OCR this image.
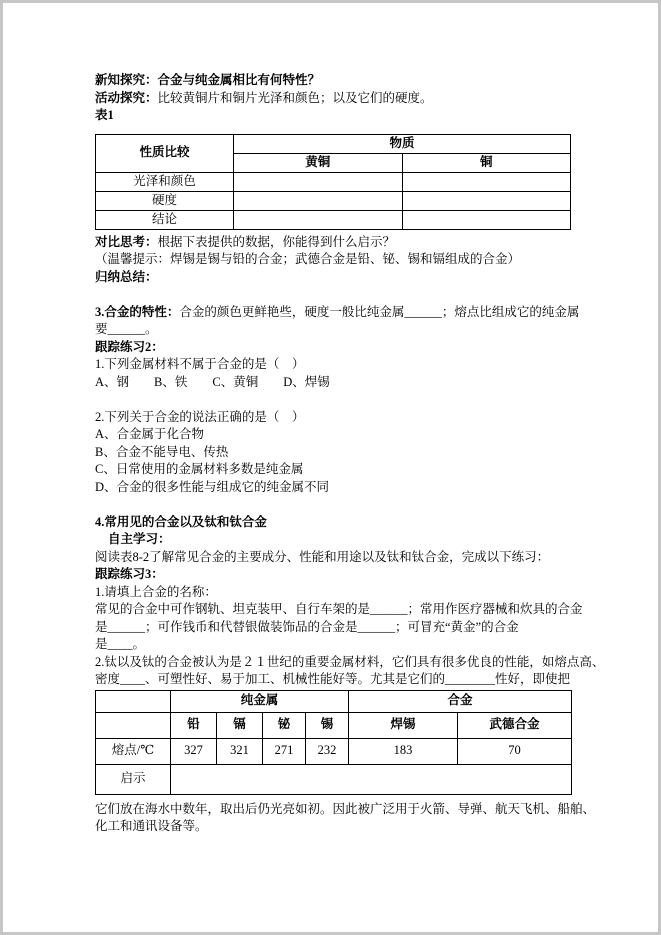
新知探究：合金与纯金属相比有何特性？
活动探究：比较黄铜片和铜片光泽和颜色；以及它们的硬度。
表1
性质比较	物质	
	黄铜	铜
光泽和颜色		
硬度		
结论		
对比思考：根据下表提供的数据，你能得到什么启示？
（温馨提示：焊锡是锡与铅的合金；武德合金是铅、铋、锡和镉组成的合金）
归纳总结：
3.合金的特性：合金的颜色更鲜艳些，硬度一般比纯金属______；熔点比组成它的纯金属
要______。
跟踪练习2：
1.下列金属材料不属于合金的是（　）
A、钢　　B、铁　　C、黄铜　　D、焊锡
2.下列关于合金的说法正确的是（　）
A、合金属于化合物
B、合金不能导电、传热
C、日常使用的金属材料多数是纯金属
D、合金的很多性能与组成它的纯金属不同
4.常用见的合金以及钛和钛合金
自主学习：
阅读表8-2了解常见合金的主要成分、性能和用途以及钛和钛合金，完成以下练习：
跟踪练习3：
1.请填上合金的名称：
常见的合金中可作钢轨、坦克装甲、自行车架的是______；常用作医疗器械和炊具的合金
是______；可作钱币和代替银做装饰品的合金是______；可冒充“黄金”的合金
是____。
2.钛以及钛的合金被认为是２１世纪的重要金属材料，它们具有很多优良的性能，如熔点高、
密度____、可塑性好、易于加工、机械性能好等。尤其是它们的________性好，即使把
	纯金属				合金	
	铅	镉	铋	锡	焊锡	武德合金
熔点/℃	327	321	271	232	183	70
启示						
它们放在海水中数年，取出后仍光亮如初。因此被广泛用于火箭、导弹、航天飞机、船舶、
化工和通讯设备等。
